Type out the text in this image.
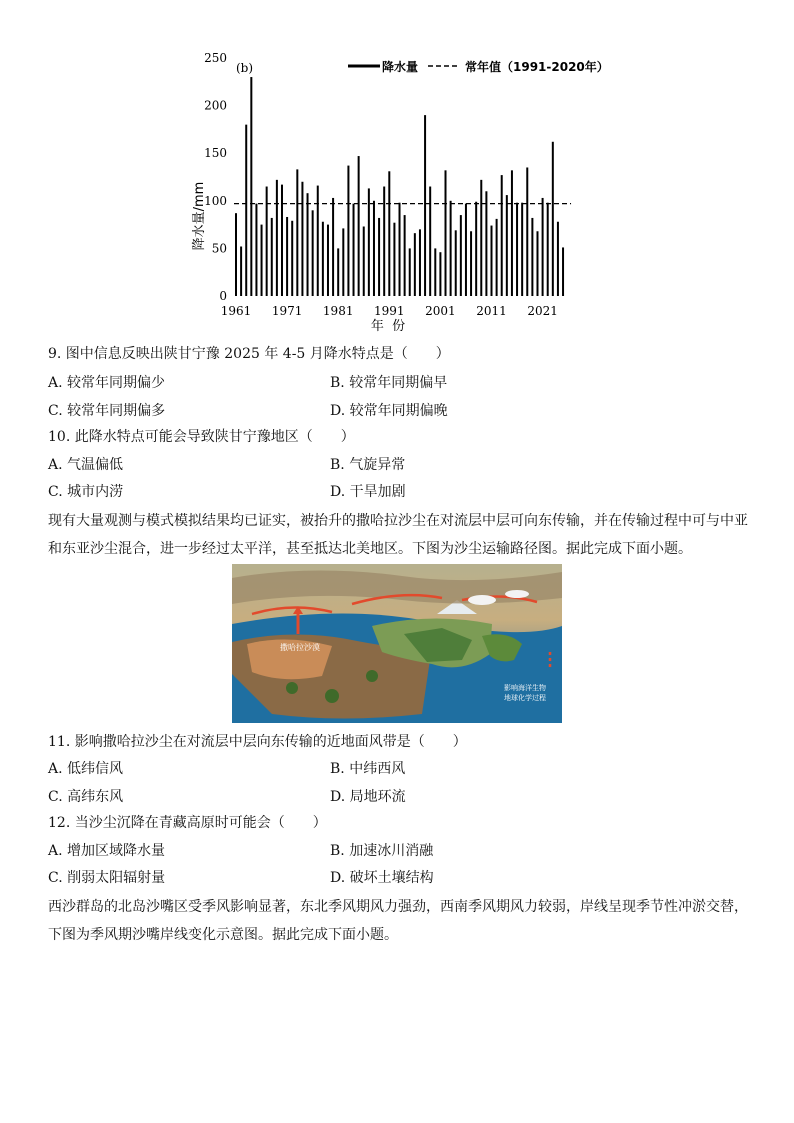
(b)	降水量	常年值（1991-2020年）
降水量/mm
年  份
0
50
100
150
200
250
1961 1971 1981 1991 2001 2011 2021
9. 图中信息反映出陕甘宁豫 2025 年 4-5 月降水特点是（　　）
A. 较常年同期偏少	B. 较常年同期偏早
C. 较常年同期偏多	D. 较常年同期偏晚
10. 此降水特点可能会导致陕甘宁豫地区（　　）
A. 气温偏低	B. 气旋异常
C. 城市内涝	D. 干旱加剧
现有大量观测与模式模拟结果均已证实，被抬升的撒哈拉沙尘在对流层中层可向东传输，并在传输过程中可与中亚和东亚沙尘混合，进一步经过太平洋，甚至抵达北美地区。下图为沙尘运输路径图。据此完成下面小题。
撒哈拉沙漠
影响海洋生物
地球化学过程
11. 影响撒哈拉沙尘在对流层中层向东传输的近地面风带是（　　）
A. 低纬信风	B. 中纬西风
C. 高纬东风	D. 局地环流
12. 当沙尘沉降在青藏高原时可能会（　　）
A. 增加区域降水量	B. 加速冰川消融
C. 削弱太阳辐射量	D. 破坏土壤结构
西沙群岛的北岛沙嘴区受季风影响显著，东北季风期风力强劲，西南季风期风力较弱，岸线呈现季节性冲淤交替，下图为季风期沙嘴岸线变化示意图。据此完成下面小题。
